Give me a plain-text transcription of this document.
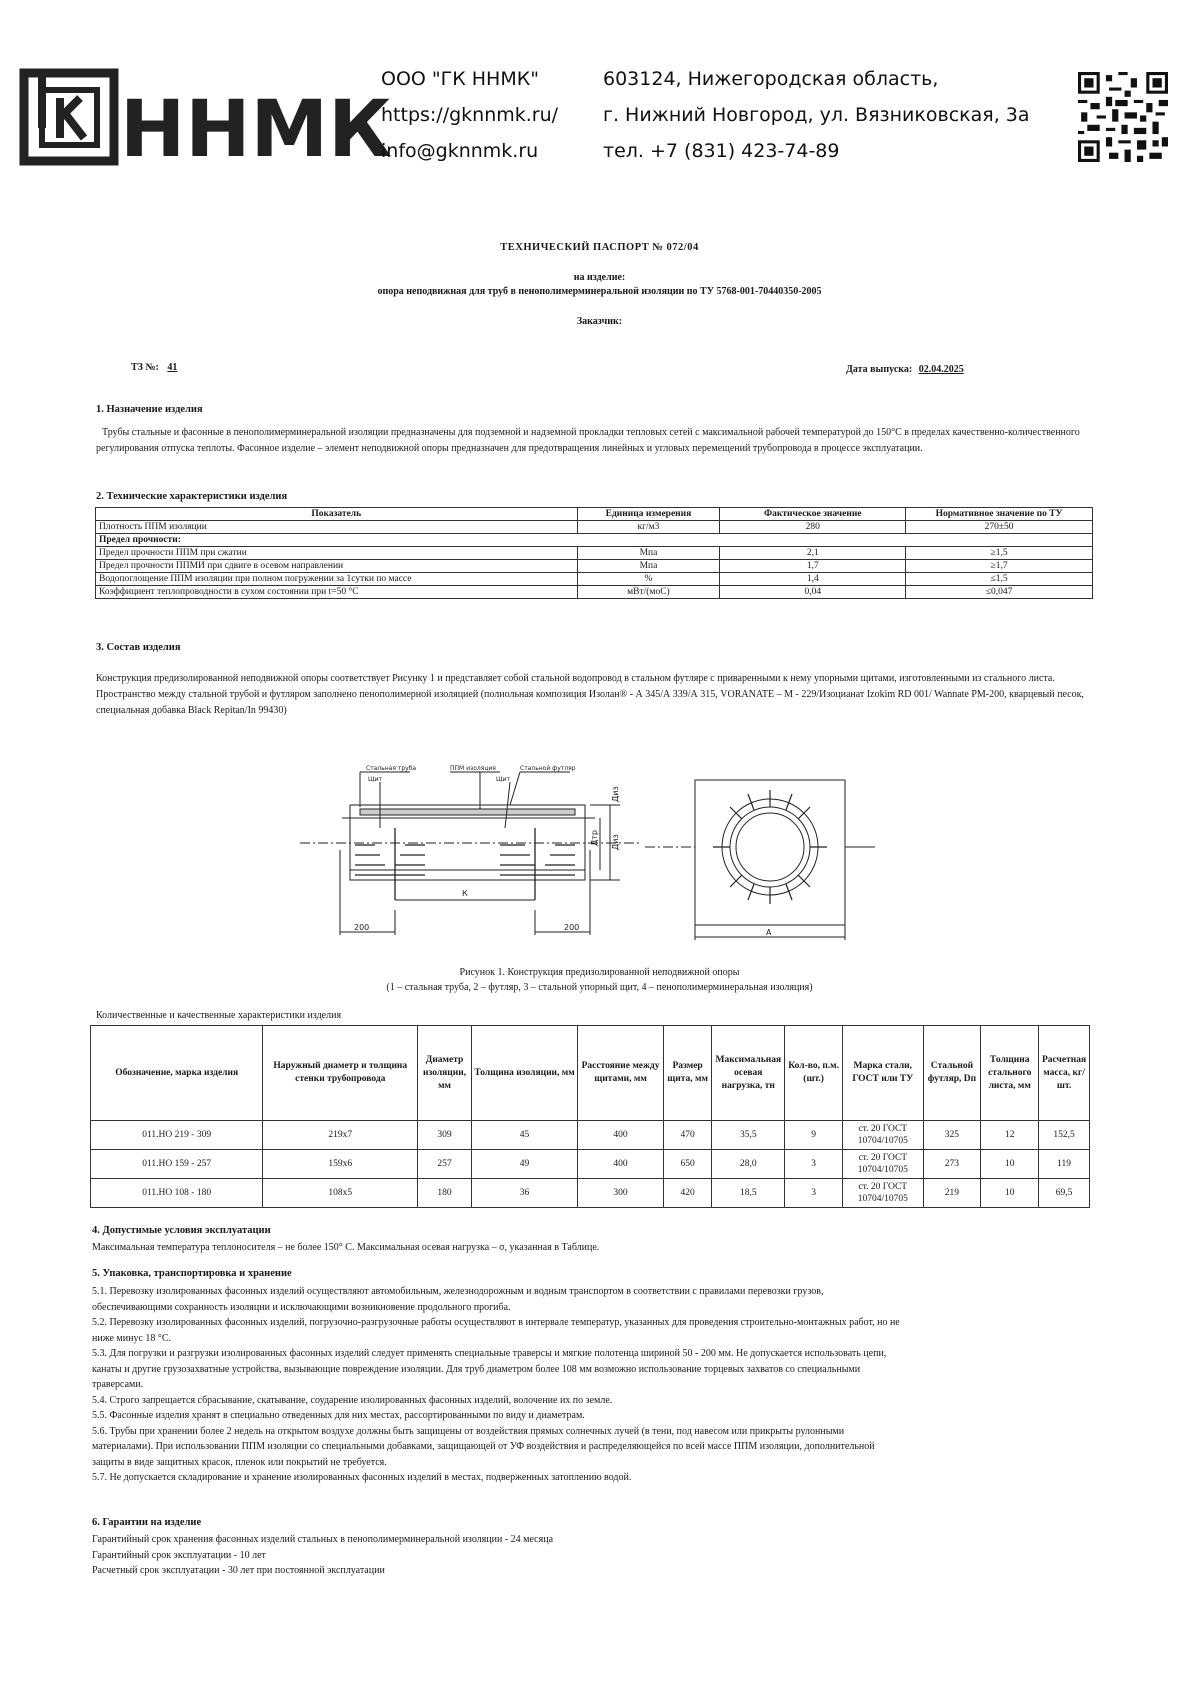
ННМК
ООО "ГК ННМК"
https://gknnmk.ru/
info@gknnmk.ru
603124, Нижегородская область,
г. Нижний Новгород, ул. Вязниковская, 3а
тел. +7 (831) 423-74-89
ТЕХНИЧЕСКИЙ ПАСПОРТ № 072/04
на изделие:
опора неподвижная для труб в пенополимерминеральной изоляции по ТУ 5768-001-70440350-2005
Заказчик:
ТЗ №: 41	Дата выпуска: 02.04.2025
1. Назначение изделия
Трубы стальные и фасонные в пенополимерминеральной изоляции предназначены для подземной и надземной прокладки тепловых сетей с максимальной рабочей температурой до 150°С в пределах качественно-количественного регулирования отпуска теплоты. Фасонное изделие – элемент неподвижной опоры предназначен для предотвращения линейных и угловых перемещений трубопровода в процессе эксплуатации.
2. Технические характеристики изделия
Показатель	Единица измерения	Фактическое значение	Нормативное значение по ТУ
Плотность ППМ изоляции	кг/м3	280	270±50
Предел прочности:			
Предел прочности ППМ при сжатии	Мпа	2,1	≥1,5
Предел прочности ППМИ при сдвиге в осевом направлении	Мпа	1,7	≥1,7
Водопоглощение ППМ изоляции при полном погружении за 1сутки по массе	%	1,4	≤1,5
Коэффициент теплопроводности в сухом состоянии при t=50 °С	мВт/(моС)	0,04	≤0,047
3. Состав изделия
Конструкция предизолированной неподвижной опоры соответствует Рисунку 1 и представляет собой стальной водопровод в стальном футляре с приваренными к нему упорными щитами, изготовленными из стального листа. Пространство между стальной трубой и футляром заполнено пенополимерной изоляцией (полиольная композиция Изолан® - А 345/А 339/А 315, VORANATE – М - 229/Изоцианат Izokim RD 001/ Wannate PM-200, кварцевый песок, специальная добавка Black Repitan/In 99430)
Стальная труба	ППМ изоляция	Стальной футляр
Щит	Щит
Дтр
Диз
Диз
К
200	200
А
Рисунок 1. Конструкция предизолированной неподвижной опоры
(1 – стальная труба, 2 – футляр, 3 – стальной упорный щит, 4 – пенополимерминеральная изоляция)
Количественные и качественные характеристики изделия
Обозначение, марка изделия	Наружный диаметр и толщина стенки трубопровода	Диаметр изоляции, мм	Толщина изоляции, мм	Расстояние между щитами, мм	Размер щита, мм	Максимальная осевая нагрузка, тн	Кол-во, п.м. (шт.)	Марка стали, ГОСТ или ТУ	Стальной футляр, Dп	Толщина стального листа, мм	Расчетная масса, кг/шт.
011.НО 219 - 309	219х7	309	45	400	470	35,5	9	ст. 20 ГОСТ 10704/10705	325	12	152,5
011.НО 159 - 257	159х6	257	49	400	650	28,0	3	ст. 20 ГОСТ 10704/10705	273	10	119
011.НО 108 - 180	108х5	180	36	300	420	18,5	3	ст. 20 ГОСТ 10704/10705	219	10	69,5
4. Допустимые условия эксплуатации
Максимальная температура теплоносителя – не более 150° С. Максимальная осевая нагрузка – σ, указанная в Таблице.
5. Упаковка, транспортировка и хранение
5.1. Перевозку изолированных фасонных изделий осуществляют автомобильным, железнодорожным и водным транспортом в соответствии с правилами перевозки грузов,
обеспечивающими сохранность изоляции и исключающими возникновение продольного прогиба.
5.2. Перевозку изолированных фасонных изделий, погрузочно-разгрузочные работы осуществляют в интервале температур, указанных для проведения строительно-монтажных работ, но не
ниже минус 18 °С.
5.3. Для погрузки и разгрузки изолированных фасонных изделий следует применять специальные траверсы и мягкие полотенца шириной 50 - 200 мм. Не допускается использовать цепи,
канаты и другие грузозахватные устройства, вызывающие повреждение изоляции. Для труб диаметром более 108 мм возможно использование торцевых захватов со специальными
траверсами.
5.4. Строго запрещается сбрасывание, скатывание, соударение изолированных фасонных изделий, волочение их по земле.
5.5. Фасонные изделия хранят в специально отведенных для них местах, рассортированными по виду и диаметрам.
5.6. Трубы при хранении более 2 недель на открытом воздухе должны быть защищены от воздействия прямых солнечных лучей (в тени, под навесом или прикрыты рулонными
материалами). При использовании ППМ изоляции со специальными добавками, защищающей от УФ воздействия и распределяющейся по всей массе ППМ изоляции, дополнительной
защиты в виде защитных красок, пленок или покрытий не требуется.
5.7. Не допускается складирование и хранение изолированных фасонных изделий в местах, подверженных затоплению водой.
6. Гарантии на изделие
Гарантийный срок хранения фасонных изделий стальных в пенополимерминеральной изоляции - 24 месяца
Гарантийный срок эксплуатации - 10 лет
Расчетный срок эксплуатации - 30 лет при постоянной эксплуатации
